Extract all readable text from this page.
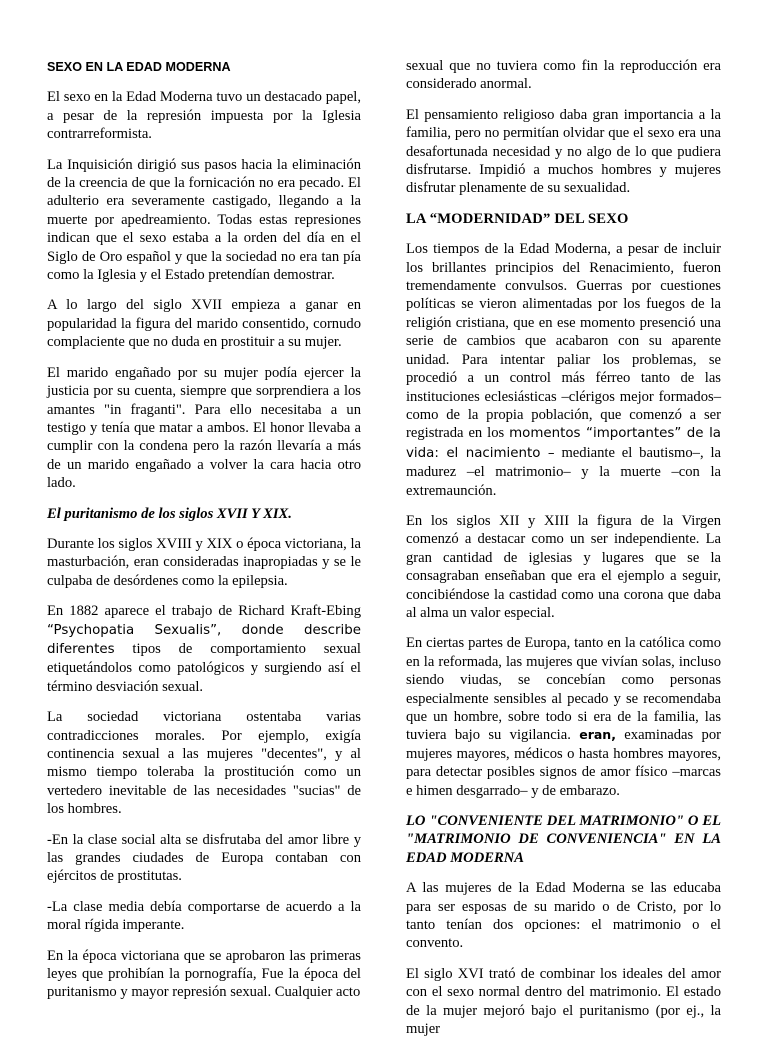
SEXO EN LA EDAD MODERNA

El sexo en la Edad Moderna tuvo un destacado papel, a pesar de la represión impuesta por la Iglesia contrarreformista.

La Inquisición dirigió sus pasos hacia la eliminación de la creencia de que la fornicación no era pecado. El adulterio era severamente castigado, llegando a la muerte por apedreamiento. Todas estas represiones indican que el sexo estaba a la orden del día en el Siglo de Oro español y que la sociedad no era tan pía como la Iglesia y el Estado pretendían demostrar.

A lo largo del siglo XVII empieza a ganar en popularidad la figura del marido consentido, cornudo complaciente que no duda en prostituir a su mujer.

El marido engañado por su mujer podía ejercer la justicia por su cuenta, siempre que sorprendiera a los amantes "in fraganti". Para ello necesitaba a un testigo y tenía que matar a ambos. El honor llevaba a cumplir con la condena pero la razón llevaría a más de un marido engañado a volver la cara hacia otro lado.

El puritanismo de los siglos XVII Y XIX.

Durante los siglos XVIII y XIX o época victoriana, la masturbación, eran consideradas inapropiadas y se le culpaba de desórdenes como la epilepsia.

En 1882 aparece el trabajo de Richard Kraft-Ebing “Psychopatia Sexualis”, donde describe diferentes tipos de comportamiento sexual etiquetándolos como patológicos y surgiendo así el término desviación sexual.

La sociedad victoriana ostentaba varias contradicciones morales. Por ejemplo, exigía continencia sexual a las mujeres "decentes", y al mismo tiempo toleraba la prostitución como un vertedero inevitable de las necesidades "sucias" de los hombres.

-En la clase social alta se disfrutaba del amor libre y las grandes ciudades de Europa contaban con ejércitos de prostitutas.

-La clase media debía comportarse de acuerdo a la moral rígida imperante.

En la época victoriana que se aprobaron las primeras leyes que prohibían la pornografía, Fue la época del puritanismo y mayor represión sexual. Cualquier acto

sexual que no tuviera como fin la reproducción era considerado anormal.

El pensamiento religioso daba gran importancia a la familia, pero no permitían olvidar que el sexo era una desafortunada necesidad y no algo de lo que pudiera disfrutarse. Impidió a muchos hombres y mujeres disfrutar plenamente de su sexualidad.

LA “MODERNIDAD” DEL SEXO

Los tiempos de la Edad Moderna, a pesar de incluir los brillantes principios del Renacimiento, fueron tremendamente convulsos. Guerras por cuestiones políticas se vieron alimentadas por los fuegos de la religión cristiana, que en ese momento presenció una serie de cambios que acabaron con su aparente unidad. Para intentar paliar los problemas, se procedió a un control más férreo tanto de las instituciones eclesiásticas –clérigos mejor formados– como de la propia población, que comenzó a ser registrada en los momentos “importantes” de la vida: el nacimiento – mediante el bautismo–, la madurez –el matrimonio– y la muerte –con la extremaunción.

En los siglos XII y XIII la figura de la Virgen comenzó a destacar como un ser independiente. La gran cantidad de iglesias y lugares que se la consagraban enseñaban que era el ejemplo a seguir, concibiéndose la castidad como una corona que daba al alma un valor especial.

En ciertas partes de Europa, tanto en la católica como en la reformada, las mujeres que vivían solas, incluso siendo viudas, se concebían como personas especialmente sensibles al pecado y se recomendaba que un hombre, sobre todo si era de la familia, las tuviera bajo su vigilancia. eran, examinadas por mujeres mayores, médicos o hasta hombres mayores, para detectar posibles signos de amor físico –marcas e himen desgarrado– y de embarazo.

LO "CONVENIENTE DEL MATRIMONIO" O EL "MATRIMONIO DE CONVENIENCIA" EN LA EDAD MODERNA

A las mujeres de la Edad Moderna se las educaba para ser esposas de su marido o de Cristo, por lo tanto tenían dos opciones: el matrimonio o el convento.

El siglo XVI trató de combinar los ideales del amor con el sexo normal dentro del matrimonio. El estado de la mujer mejoró bajo el puritanismo (por ej., la mujer
